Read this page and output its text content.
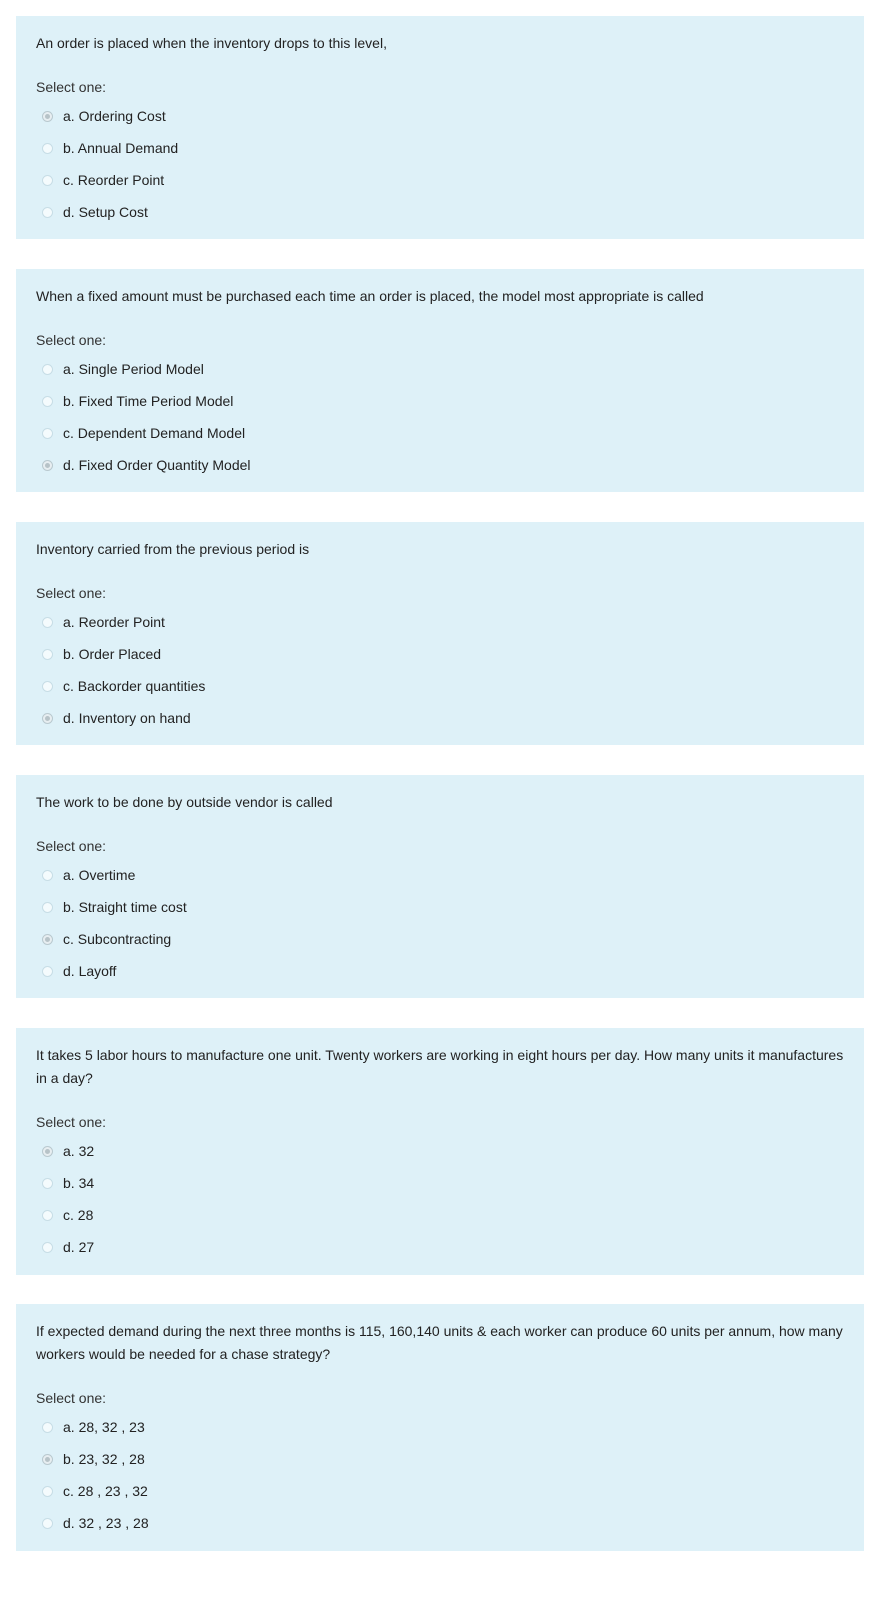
An order is placed when the inventory drops to this level,

Select one:
a. Ordering Cost
b. Annual Demand
c. Reorder Point
d. Setup Cost

When a fixed amount must be purchased each time an order is placed, the model most appropriate is called

Select one:
a. Single Period Model
b. Fixed Time Period Model
c. Dependent Demand Model
d. Fixed Order Quantity Model

Inventory carried from the previous period is

Select one:
a. Reorder Point
b. Order Placed
c. Backorder quantities
d. Inventory on hand

The work to be done by outside vendor is called

Select one:
a. Overtime
b. Straight time cost
c. Subcontracting
d. Layoff

It takes 5 labor hours to manufacture one unit. Twenty workers are working in eight hours per day. How many units it manufactures in a day?

Select one:
a. 32
b. 34
c. 28
d. 27

If expected demand during the next three months is 115, 160,140 units & each worker can produce 60 units per annum, how many workers would be needed for a chase strategy?

Select one:
a. 28, 32 , 23
b. 23, 32 , 28
c. 28 , 23 , 32
d. 32 , 23 , 28
